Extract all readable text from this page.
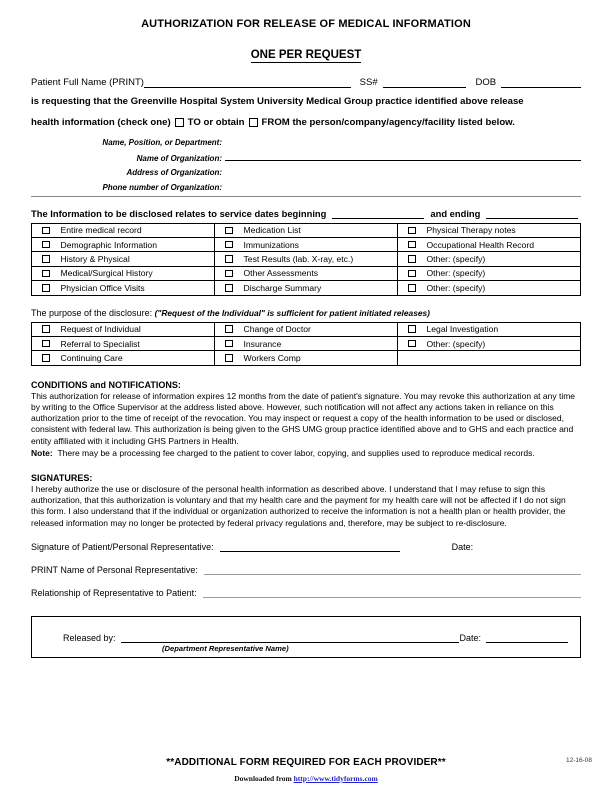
AUTHORIZATION FOR RELEASE OF MEDICAL INFORMATION
ONE PER REQUEST
Patient Full Name (PRINT)	SS#	DOB
is requesting that the Greenville Hospital System University Medical Group practice identified above release
health information (check one) TO
or obtain FROM the person/company/agency/facility listed below.
Name, Position, or Department:
Name of Organization:
Address of Organization:
Phone number of Organization:
The Information to be disclosed relates to service dates beginning	and ending
Entire medical record	Medication List	Physical Therapy notes

Demographic Information	Immunizations	Occupational Health Record

History & Physical	Test Results (lab. X-ray, etc.)	Other: (specify)

Medical/Surgical History	Other Assessments	Other: (specify)

Physician Office Visits	Discharge Summary	Other: (specify)
The purpose of the disclosure: ("Request of the Individual" is sufficient for patient initiated releases)
Request of Individual	Change of Doctor	Legal Investigation

Referral to Specialist	Insurance	Other: (specify)

Continuing Care	Workers Comp	

CONDITIONS and NOTIFICATIONS:
This authorization for release of information expires 12 months from the date of patient's signature. You may revoke this authorization at any time by writing to the Office Supervisor at the address listed above. However, such notification will not affect any actions taken in reliance on this authorization prior to the time of receipt of the revocation. You may inspect or request a copy of the health information to be used or disclosed, consistent with federal law. This authorization is being given to the GHS UMG group practice identified above and to GHS and each practice and entity affiliated with it including GHS Partners in Health.
Note: There may be a processing fee charged to the patient to cover labor, copying, and supplies used to reproduce medical records.
SIGNATURES:
I hereby authorize the use or disclosure of the personal health information as described above. I understand that I may refuse to sign this authorization, that this authorization is voluntary and that my health care and the payment for my health care will not be affected if I do not sign this form. I also understand that if the individual or organization authorized to receive the information is not a health plan or health provider, the released information may no longer be protected by federal privacy regulations and, therefore, may be subject to re-disclosure.
Signature of Patient/Personal Representative:	Date:
PRINT Name of Personal Representative:
Relationship of Representative to Patient:
Released by:	Date:
(Department Representative Name)
**ADDITIONAL FORM REQUIRED FOR EACH PROVIDER**	12-16-08
Downloaded from http://www.tidyforms.com
